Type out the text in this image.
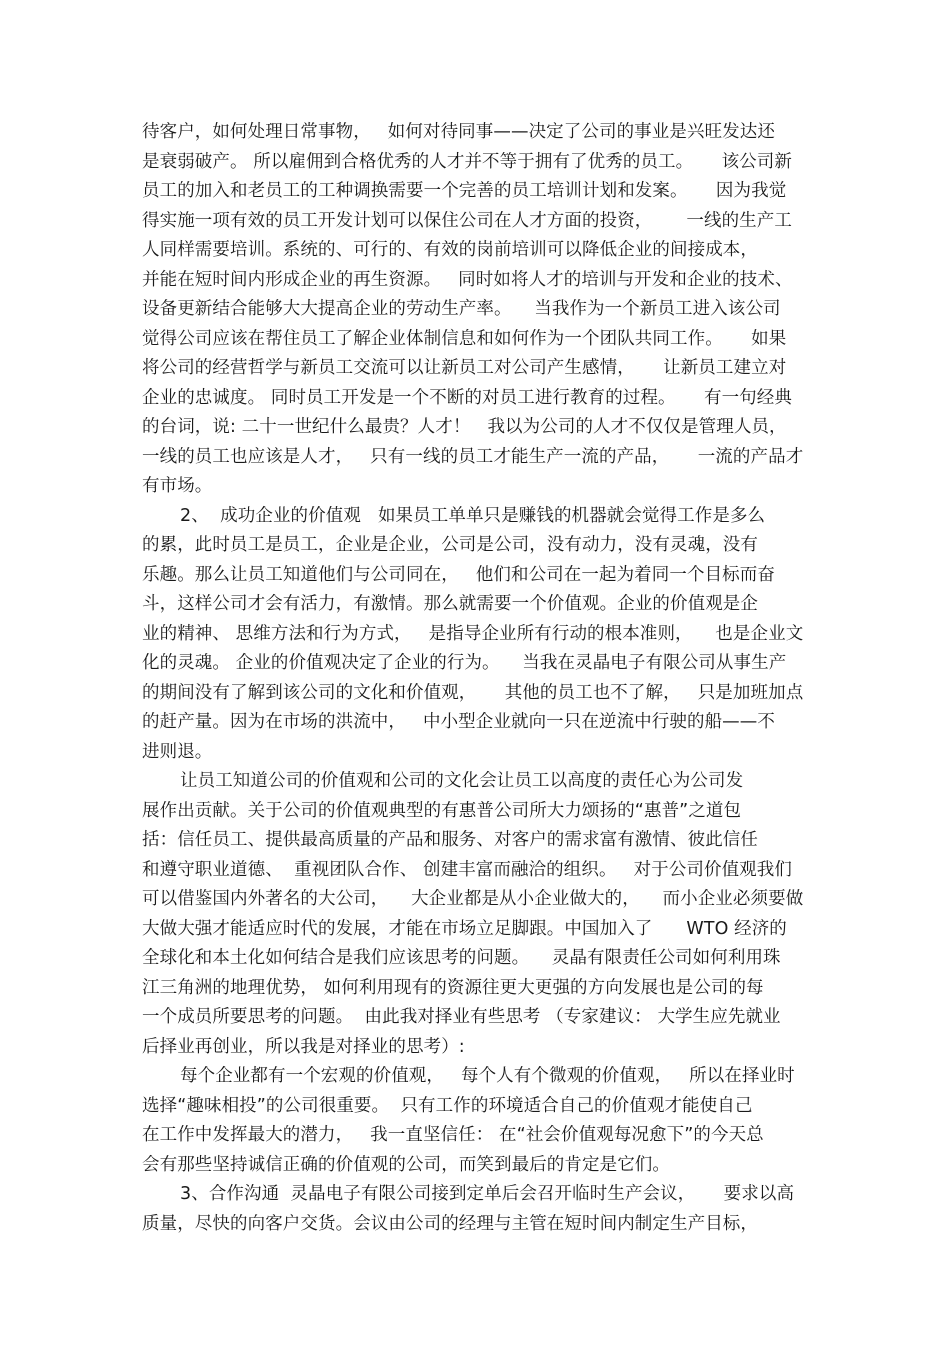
待客户，如何处理日常事物，   如何对待同事——决定了公司的事业是兴旺发达还
是衰弱破产。 所以雇佣到合格优秀的人才并不等于拥有了优秀的员工。     该公司新
员工的加入和老员工的工种调换需要一个完善的员工培训计划和发案。     因为我觉
得实施一项有效的员工开发计划可以保住公司在人才方面的投资，      一线的生产工
人同样需要培训。系统的、可行的、有效的岗前培训可以降低企业的间接成本，
并能在短时间内形成企业的再生资源。   同时如将人才的培训与开发和企业的技术、
设备更新结合能够大大提高企业的劳动生产率。    当我作为一个新员工进入该公司
觉得公司应该在帮住员工了解企业体制信息和如何作为一个团队共同工作。     如果
将公司的经营哲学与新员工交流可以让新员工对公司产生感情，     让新员工建立对
企业的忠诚度。 同时员工开发是一个不断的对员工进行教育的过程。     有一句经典
的台词，说: 二十一世纪什么最贵？人才！   我以为公司的人才不仅仅是管理人员，
一线的员工也应该是人才，   只有一线的员工才能生产一流的产品，     一流的产品才
有市场。
2、  成功企业的价值观   如果员工单单只是赚钱的机器就会觉得工作是多么
的累，此时员工是员工，企业是企业，公司是公司，没有动力，没有灵魂，没有
乐趣。那么让员工知道他们与公司同在，   他们和公司在一起为着同一个目标而奋
斗，这样公司才会有活力，有激情。那么就需要一个价值观。企业的价值观是企
业的精神、 思维方法和行为方式，   是指导企业所有行动的根本准则，    也是企业文
化的灵魂。 企业的价值观决定了企业的行为。    当我在灵晶电子有限公司从事生产
的期间没有了解到该公司的文化和价值观，     其他的员工也不了解，   只是加班加点
的赶产量。因为在市场的洪流中，   中小型企业就向一只在逆流中行驶的船——不
进则退。
让员工知道公司的价值观和公司的文化会让员工以高度的责任心为公司发
展作出贡献。关于公司的价值观典型的有惠普公司所大力颂扬的“惠普”之道包
括：信任员工、提供最高质量的产品和服务、对客户的需求富有激情、彼此信任
和遵守职业道德、  重视团队合作、 创建丰富而融洽的组织。   对于公司价值观我们
可以借鉴国内外著名的大公司，    大企业都是从小企业做大的，    而小企业必须要做
大做大强才能适应时代的发展，才能在市场立足脚跟。中国加入了      WTO 经济的
全球化和本土化如何结合是我们应该思考的问题。    灵晶有限责任公司如何利用珠
江三角洲的地理优势， 如何利用现有的资源往更大更强的方向发展也是公司的每
一个成员所要思考的问题。  由此我对择业有些思考 （专家建议： 大学生应先就业
后择业再创业，所以我是对择业的思考）:
每个企业都有一个宏观的价值观，   每个人有个微观的价值观，   所以在择业时
选择“趣味相投”的公司很重要。  只有工作的环境适合自己的价值观才能使自己
在工作中发挥最大的潜力，   我一直坚信任： 在“社会价值观每况愈下”的今天总
会有那些坚持诚信正确的价值观的公司，而笑到最后的肯定是它们。
3、合作沟通  灵晶电子有限公司接到定单后会召开临时生产会议，     要求以高
质量，尽快的向客户交货。会议由公司的经理与主管在短时间内制定生产目标，
